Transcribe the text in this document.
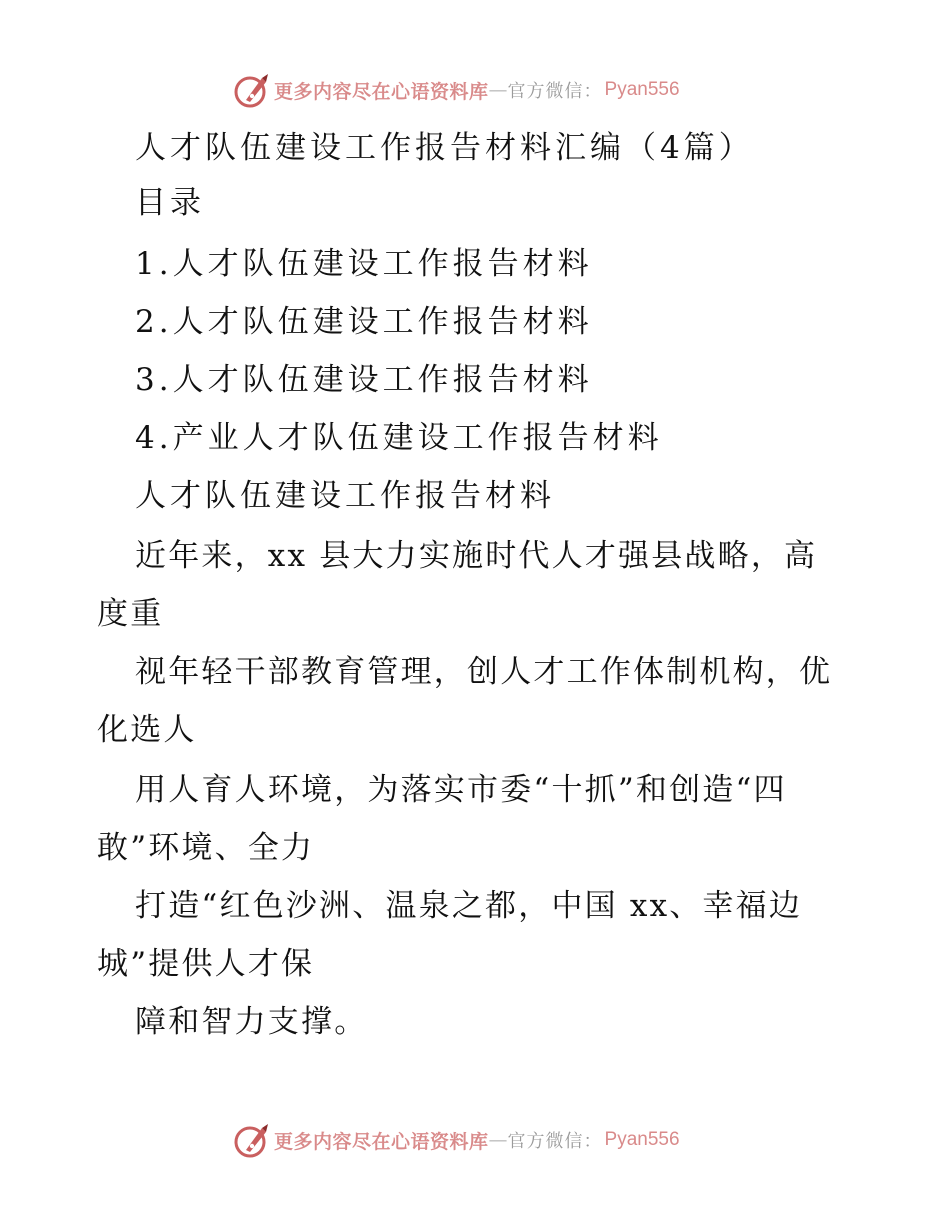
更多内容尽在心语资料库 — 官方微信： Pyan556
人才队伍建设工作报告材料汇编（4篇）
目录
1.人才队伍建设工作报告材料
2.人才队伍建设工作报告材料
3.人才队伍建设工作报告材料
4.产业人才队伍建设工作报告材料
人才队伍建设工作报告材料
近年来，xx 县大力实施时代人才强县战略，高
度重
视年轻干部教育管理，创人才工作体制机构，优
化选人
用人育人环境，为落实市委“十抓”和创造“四
敢”环境、全力
打造“红色沙洲、温泉之都，中国 xx、幸福边
城”提供人才保
障和智力支撑。
更多内容尽在心语资料库 — 官方微信： Pyan556
